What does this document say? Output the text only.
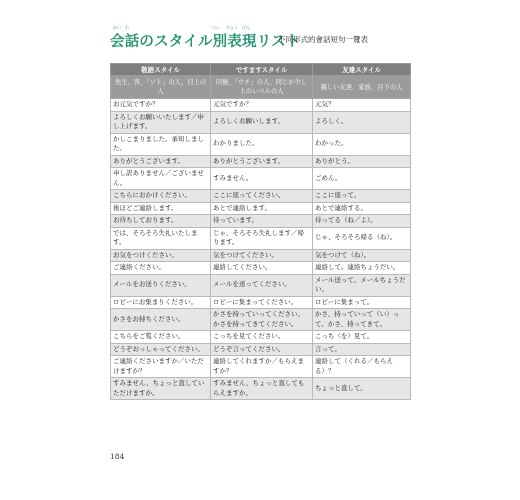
会話のスタイル別表現リスト
かい わ	べつ ひょう げん
不同形式的會話短句一覽表
敬語スタイル	ですますスタイル	友達スタイル
先生、客、「ソト」の人、目上の人	同僚、「ウチ」の人、同じか少し上のレベルの人	親しい友達、家族、目下の人
お元気ですか？	元気ですか？	元気？
よろしくお願いいたします／申し上げます。	よろしくお願いします。	よろしく。
かしこまりました。承知しました。	わかりました。	わかった。
ありがとうございます。	ありがとうございます。	ありがとう。
申し訳ありません／ございません。	すみません。	ごめん。
こちらにおかけください。	ここに座ってください。	ここに座って。
後ほどご連絡します。	あとで連絡します。	あとで連絡する。
お待ちしております。	待っています。	待ってる（ね／よ）。
では、そろそろ失礼いたします。	じゃ、そろそろ失礼します／帰ります。	じゃ、そろそろ帰る（ね）。
お気をつけください。	気をつけてください。	気をつけて（ね）。
ご連絡ください。	連絡してください。	連絡して。連絡ちょうだい。
メールをお送りください。	メールを送ってください。	メール送って。メールちょうだい。
ロビーにお集まりください。	ロビーに集まってください。	ロビーに集まって。
かさをお持ちください。	かさを持っていってください。かさを持ってきてください。	かさ、持っていって（い）って。かさ、持ってきて。
こちらをご覧ください。	こっちを見てください。	こっち（を）見て。
どうぞおっしゃってください。	どうぞ言ってください。	言って。
ご連絡くださいますか／いただけますか？	連絡してくれますか／もらえますか？	連絡して（くれる／もらえる）？
すみません、ちょっと直していただけますか。	すみません、ちょっと直してもらえますか。	ちょっと直して。
184
